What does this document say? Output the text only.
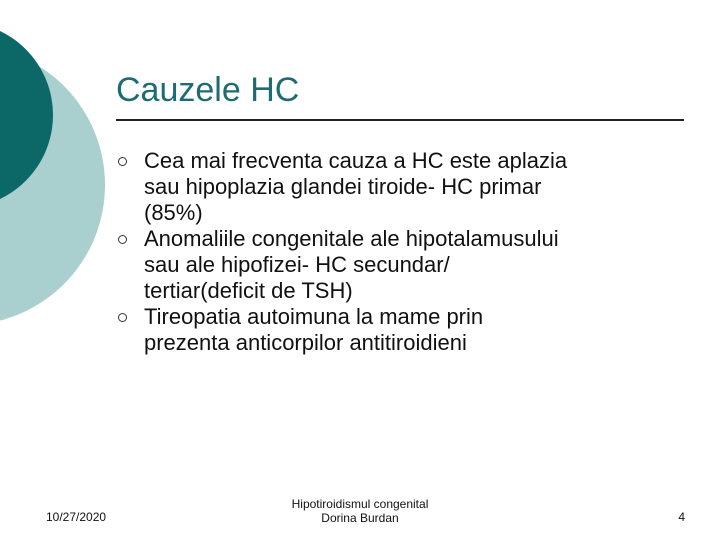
Cauzele HC
Cea mai frecventa cauza a HC este aplazia
sau hipoplazia glandei tiroide- HC primar
(85%)
Anomaliile congenitale ale hipotalamusului
sau ale hipofizei- HC secundar/
tertiar(deficit de TSH)
Tireopatia autoimuna la mame prin
prezenta anticorpilor antitiroidieni
10/27/2020
Hipotiroidismul congenital
Dorina Burdan	4
